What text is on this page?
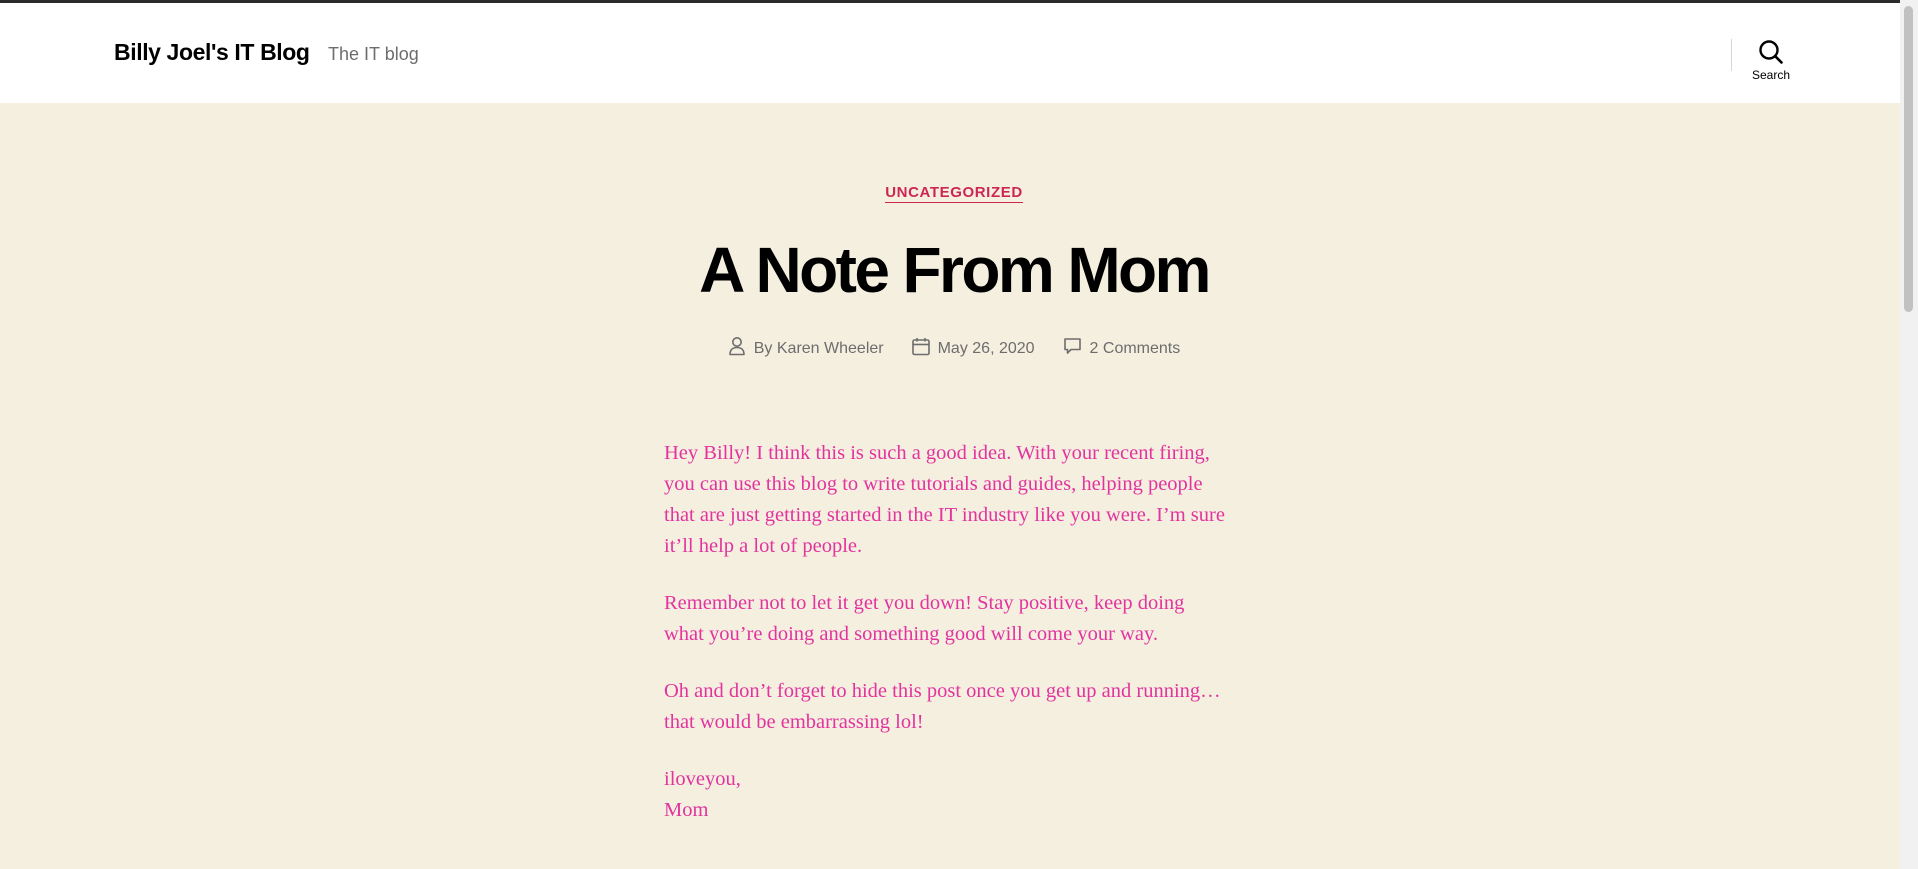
Billy Joel's IT Blog The IT blog
Search
UNCATEGORIZED
A Note From Mom
By
Karen Wheeler	May 26, 2020	2 Comments

Hey Billy! I think this is such a good idea. With your recent firing,
you can use this blog to write tutorials and guides, helping people
that are just getting started in the IT industry like you were. I’m sure
it’ll help a lot of people.

Remember not to let it get you down! Stay positive, keep doing
what you’re doing and something good will come your way.

Oh and don’t forget to hide this post once you get up and running…
that would be embarrassing lol!

iloveyou,
Mom
